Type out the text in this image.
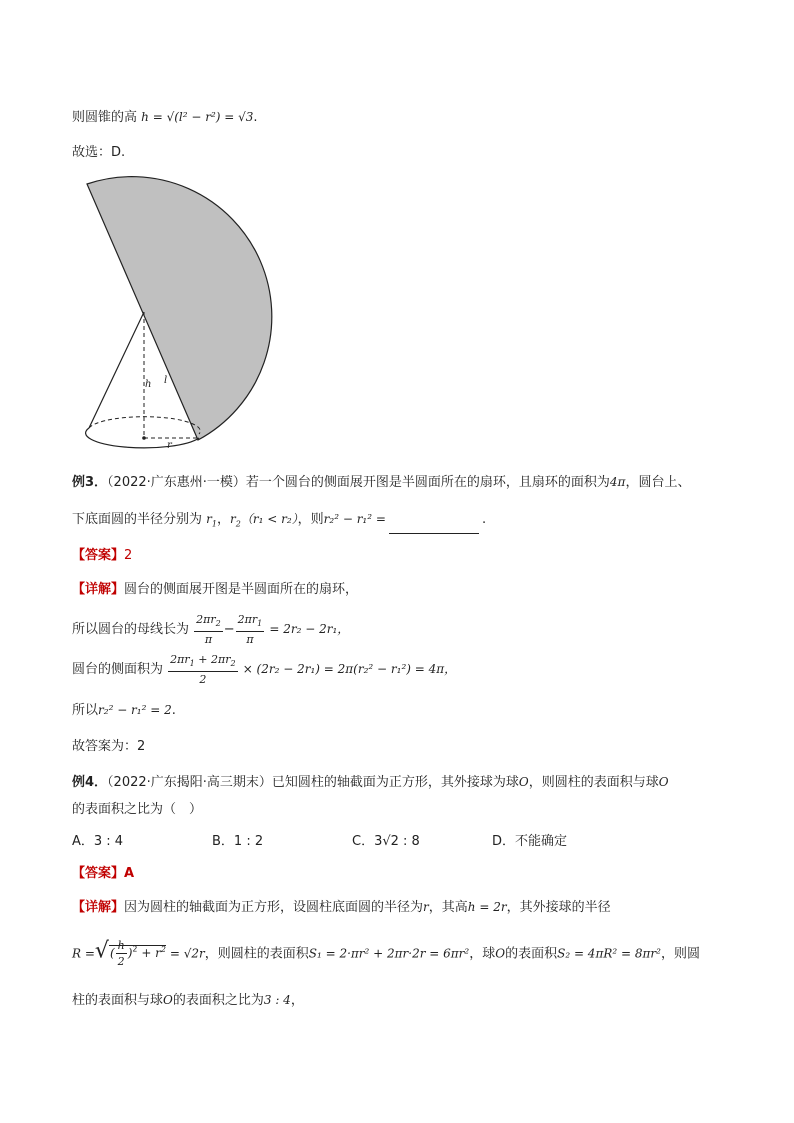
则圆锥的高 h = √(l² − r²) = √3.
故选：D.
h l
r
例3．（2022·广东惠州·一模）若一个圆台的侧面展开图是半圆面所在的扇环，且扇环的面积为4π，圆台上、
下底面圆的半径分别为 $r_1$，$r_2(r_1 < r_2)$，则r₂² − r₁² =	.
【答案】2
【详解】圆台的侧面展开图是半圆面所在的扇环，
所以圆台的母线长为 $\frac{2\pi r_2}{\pi} - \frac{2\pi r_1}{\pi} = 2r_2 - 2r_1$，
圆台的侧面积为 $\frac{2\pi r_1 + 2\pi r_2}{2} \times (2r_2 - 2r_1) = 2\pi(r_2^2 - r_1^2) = 4\pi$，
所以r₂² − r₁² = 2.
故答案为：2
例4．（2022·广东揭阳·高三期末）已知圆柱的轴截面为正方形，其外接球为球O，则圆柱的表面积与球O
的表面积之比为（　）
A．3 : 4	B．1 : 2	C．3√2 : 8	D．不能确定
【答案】A
【详解】因为圆柱的轴截面为正方形，设圆柱底面圆的半径为r，其高h = 2r，其外接球的半径
R =√( $\frac{h}{2} )^2 + r^2 = √2r$，则圆柱的表面积S₁ = 2·πr² + 2πr·2r = 6πr²，球O的表面积S₂ = 4πR² = 8πr²，则圆
柱的表面积与球O的表面积之比为3 : 4，
